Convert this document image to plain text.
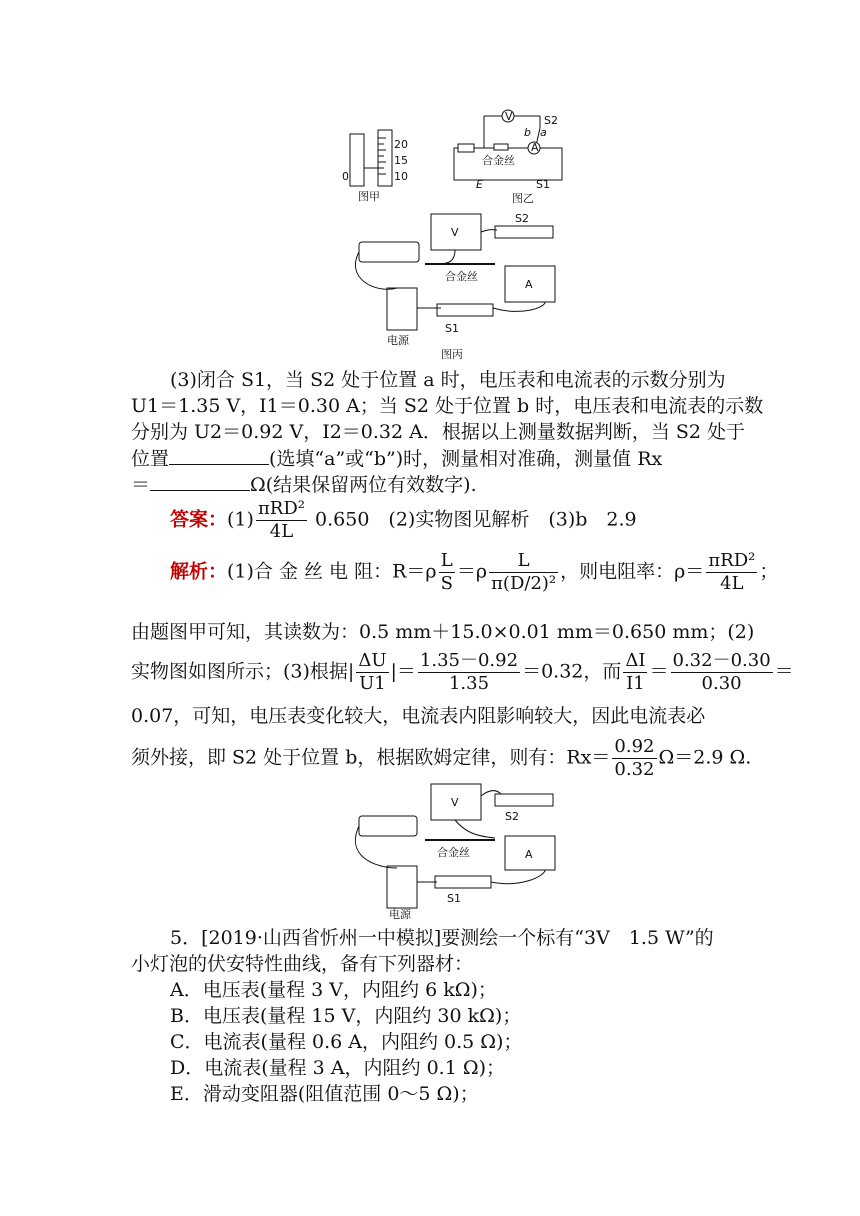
20
15
10
0
图甲
V
A
S2
b a
合金丝
E	S1
图乙
V
A
S2
合金丝
S1
电源
图丙
(3)闭合 S1，当 S2 处于位置 a 时，电压表和电流表的示数分别为
U1＝1.35 V，I1＝0.30 A；当 S2 处于位置 b 时，电压表和电流表的示数
分别为 U2＝0.92 V，I2＝0.32 A．根据以上测量数据判断，当 S2 处于
位置	(选填“a”或“b”)时，测量相对准确，测量值 Rx
＝	Ω(结果保留两位有效数字).
答案：$(1) \frac{\text{πRD²}}{4L} 0.650$　(2)实物图见解析　(3)b　2.9
解析：(1)合 金 丝 电 阻：$R=\rho \frac{L}{S} =\rho \frac{L}{\text{π(D/2)²}}$ ，则电阻率：$\rho= \frac{\text{πRD²}}{4L}$ ；
由题图甲可知，其读数为：0.5 mm＋15.0×0.01 mm＝0.650 mm；(2)
实物图如图所示；(3)根据| $\frac{\Delta U}{U1}$ |＝ $\frac{1.35-0.92}{1.35} =0.32$，而 $\frac{\Delta I}{I1} = \frac{0.32-0.30}{0.30}$ ＝
0.07，可知，电压表变化较大，电流表内阻影响较大，因此电流表必
须外接，即 S2 处于位置 b，根据欧姆定律，则有：$Rx= \frac{0.92}{0.32} \Omega=2.9$ Ω.
V
A
S2
合金丝
S1
电源
5．[2019·山西省忻州一中模拟]要测绘一个标有“3V　1.5 W”的
小灯泡的伏安特性曲线，备有下列器材：
A．电压表(量程 3 V，内阻约 6 kΩ)；
B．电压表(量程 15 V，内阻约 30 kΩ)；
C．电流表(量程 0.6 A，内阻约 0.5 Ω)；
D．电流表(量程 3 A，内阻约 0.1 Ω)；
E．滑动变阻器(阻值范围 0～5 Ω)；
